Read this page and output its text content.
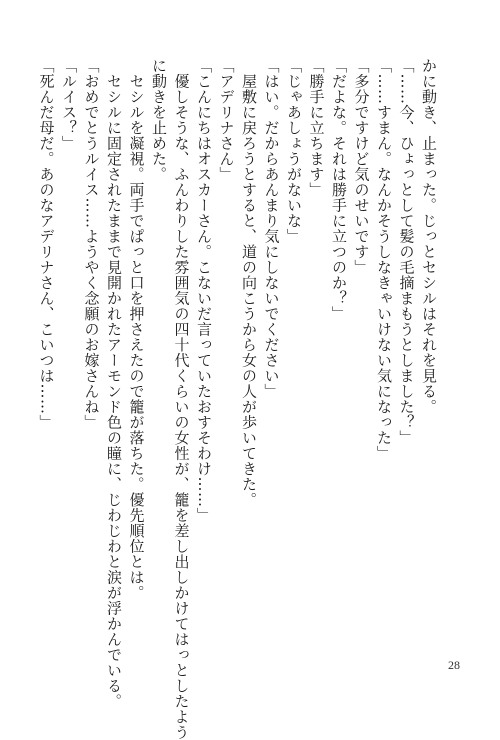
かに動き、止まった。じっとセシルはそれを見る。
「……今、ひょっとして髪の毛摘まもうとしました？」
「……すまん。なんかそうしなきゃいけない気になった」
「多分ですけど気のせいです」
「だよな。それは勝手に立つのか？」
「勝手に立ちます」
「じゃあしょうがないな」
「はい。だからあんまり気にしないでください」
　屋敷に戻ろうとすると、道の向こうから女の人が歩いてきた。
「アデリナさん」
「こんにちはオスカーさん。こないだ言っていたおすそわけ……」
　優しそうな、ふんわりした雰囲気の四十代くらいの女性が、籠を差し出しかけてはっとしたよう
に動きを止めた。
　セシルを凝視。両手でぱっと口を押さえたので籠が落ちた。優先順位とは。
　セシルに固定されたままで見開かれたアーモンド色の瞳に、じわじわと涙が浮かんでいる。
「おめでとうルイス……ようやく念願のお嫁さんね」
「ルイス？」
「死んだ母だ。あのなアデリナさん、こいつは……」
28
